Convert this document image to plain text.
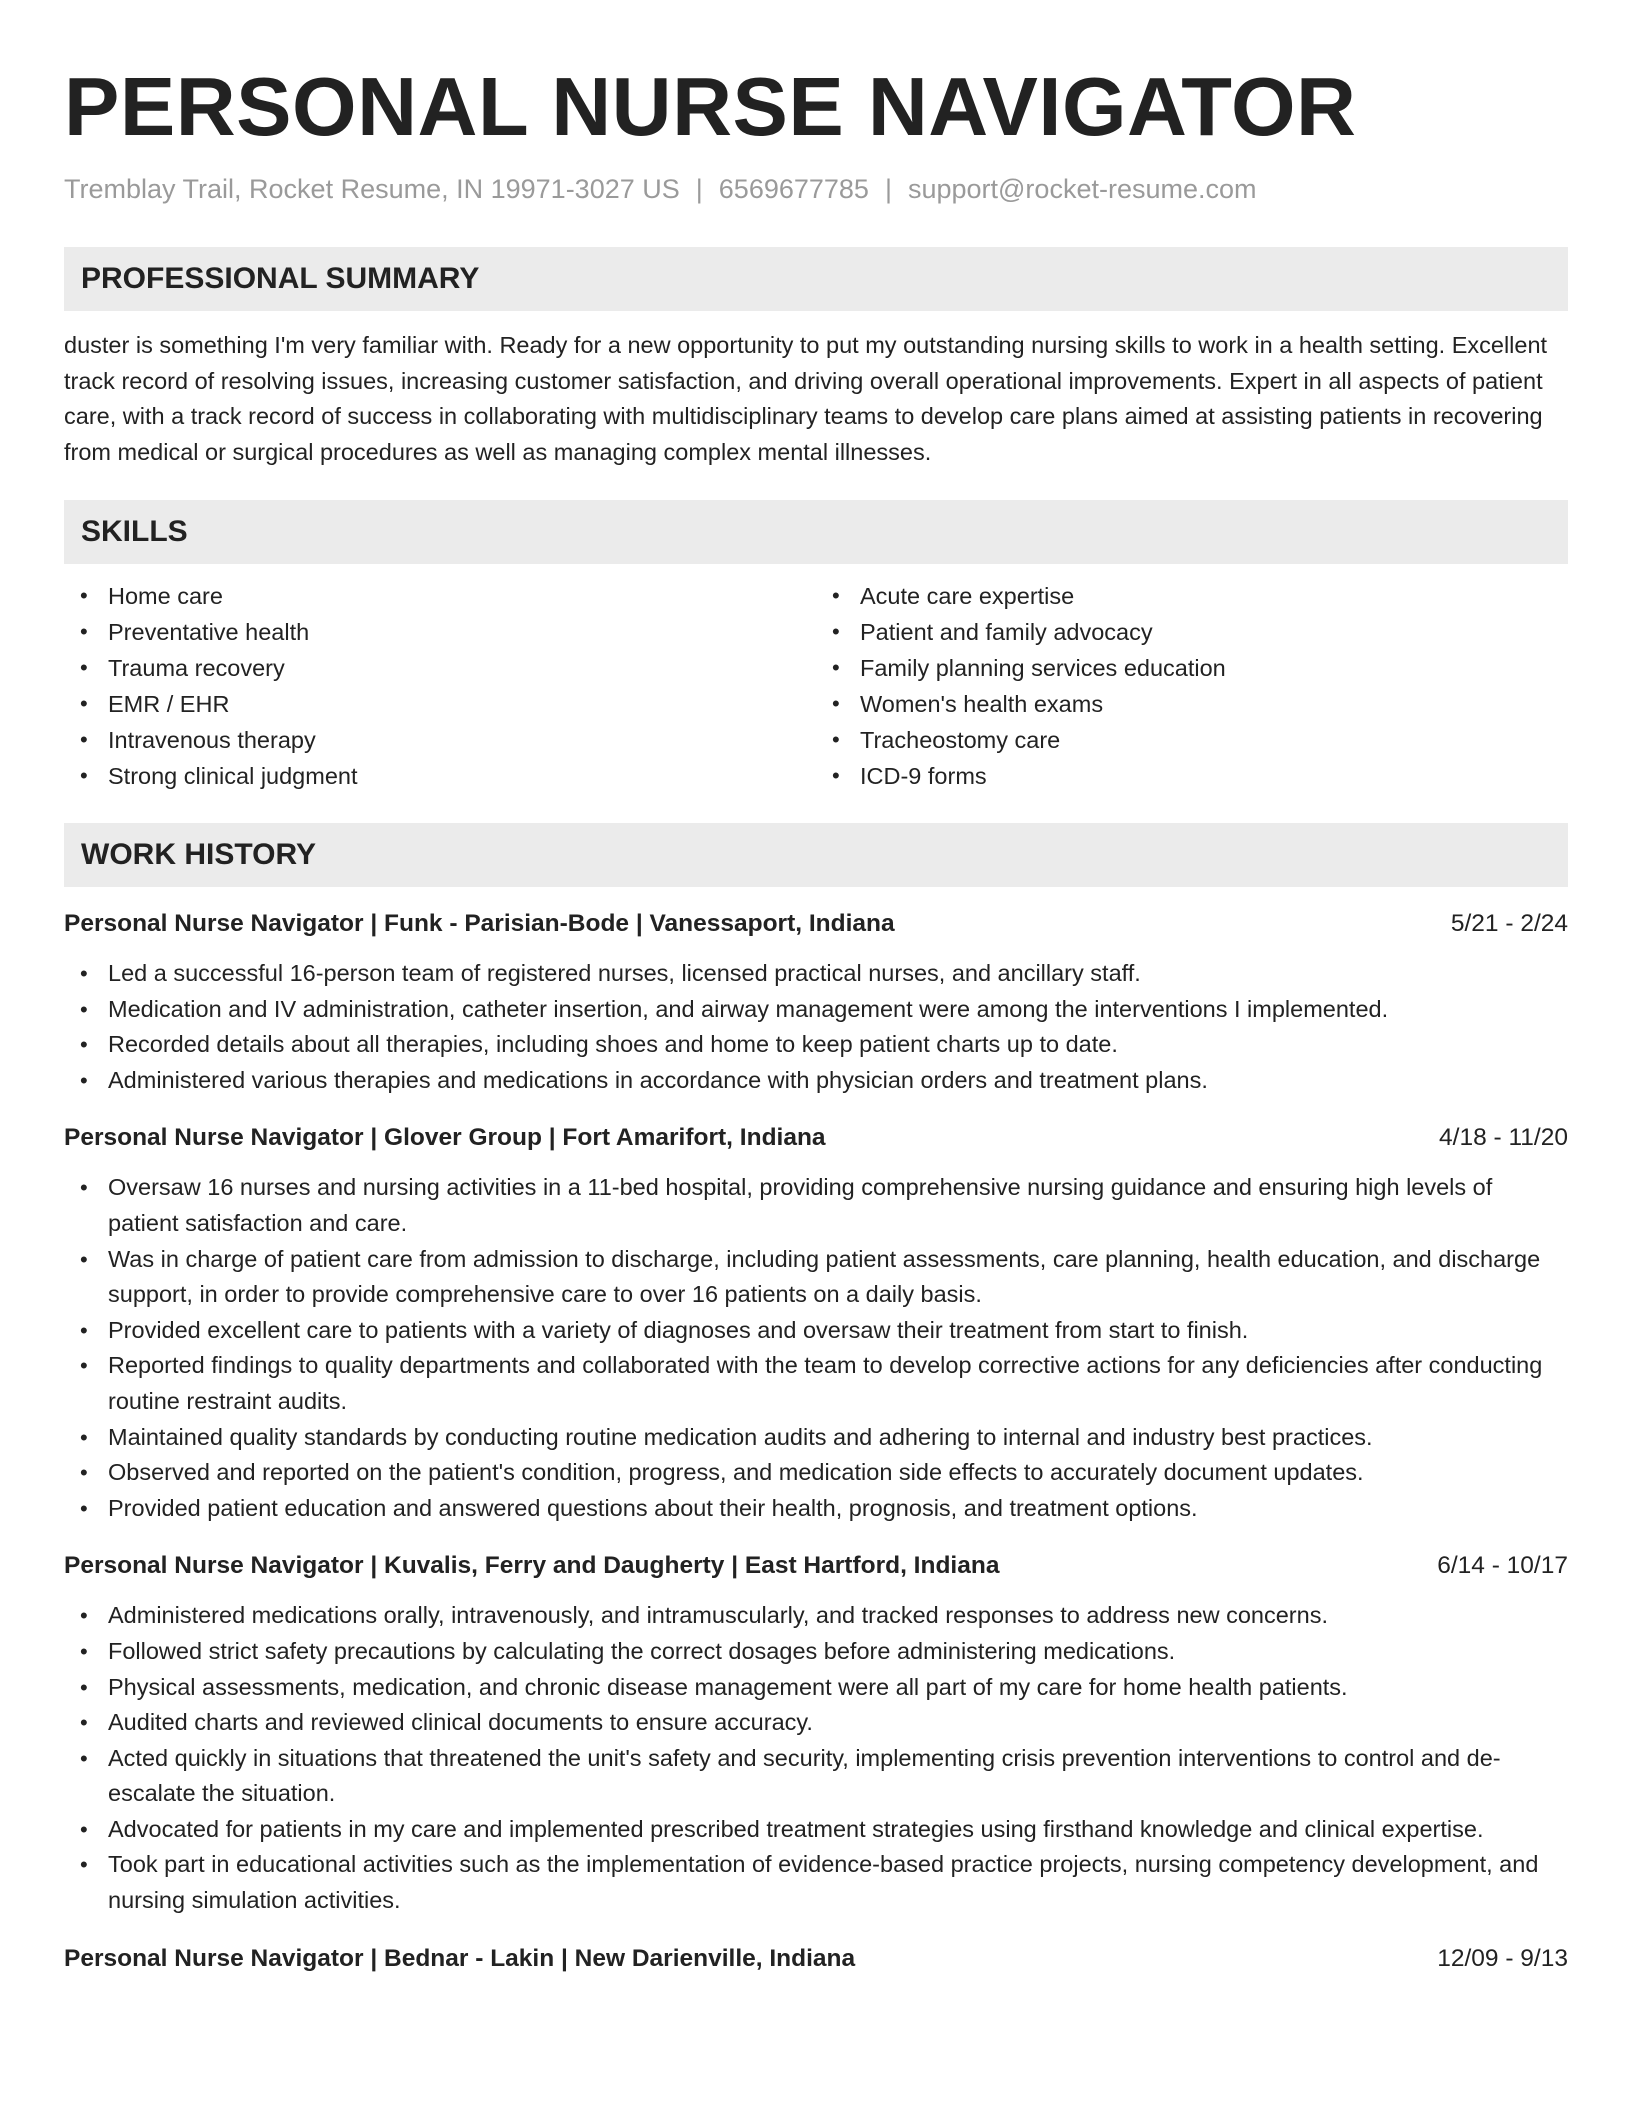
PERSONAL NURSE NAVIGATOR
Tremblay Trail, Rocket Resume, IN 19971-3027 US | 6569677785 | support@rocket-resume.com
PROFESSIONAL SUMMARY
duster is something I'm very familiar with. Ready for a new opportunity to put my outstanding nursing skills to work in a health setting. Excellent track record of resolving issues, increasing customer satisfaction, and driving overall operational improvements. Expert in all aspects of patient care, with a track record of success in collaborating with multidisciplinary teams to develop care plans aimed at assisting patients in recovering from medical or surgical procedures as well as managing complex mental illnesses.
SKILLS
• Home care
• Preventative health
• Trauma recovery
• EMR / EHR
• Intravenous therapy
• Strong clinical judgment
• Acute care expertise
• Patient and family advocacy
• Family planning services education
• Women's health exams
• Tracheostomy care
• ICD-9 forms
WORK HISTORY
Personal Nurse Navigator | Funk - Parisian-Bode | Vanessaport, Indiana	5/21 - 2/24
• Led a successful 16-person team of registered nurses, licensed practical nurses, and ancillary staff.
• Medication and IV administration, catheter insertion, and airway management were among the interventions I implemented.
• Recorded details about all therapies, including shoes and home to keep patient charts up to date.
• Administered various therapies and medications in accordance with physician orders and treatment plans.
Personal Nurse Navigator | Glover Group | Fort Amarifort, Indiana	4/18 - 11/20
• Oversaw 16 nurses and nursing activities in a 11-bed hospital, providing comprehensive nursing guidance and ensuring high levels of patient satisfaction and care.
• Was in charge of patient care from admission to discharge, including patient assessments, care planning, health education, and discharge support, in order to provide comprehensive care to over 16 patients on a daily basis.
• Provided excellent care to patients with a variety of diagnoses and oversaw their treatment from start to finish.
• Reported findings to quality departments and collaborated with the team to develop corrective actions for any deficiencies after conducting routine restraint audits.
• Maintained quality standards by conducting routine medication audits and adhering to internal and industry best practices.
• Observed and reported on the patient's condition, progress, and medication side effects to accurately document updates.
• Provided patient education and answered questions about their health, prognosis, and treatment options.
Personal Nurse Navigator | Kuvalis, Ferry and Daugherty | East Hartford, Indiana	6/14 - 10/17
• Administered medications orally, intravenously, and intramuscularly, and tracked responses to address new concerns.
• Followed strict safety precautions by calculating the correct dosages before administering medications.
• Physical assessments, medication, and chronic disease management were all part of my care for home health patients.
• Audited charts and reviewed clinical documents to ensure accuracy.
• Acted quickly in situations that threatened the unit's safety and security, implementing crisis prevention interventions to control and de-escalate the situation.
• Advocated for patients in my care and implemented prescribed treatment strategies using firsthand knowledge and clinical expertise.
• Took part in educational activities such as the implementation of evidence-based practice projects, nursing competency development, and nursing simulation activities.
Personal Nurse Navigator | Bednar - Lakin | New Darienville, Indiana	12/09 - 9/13
